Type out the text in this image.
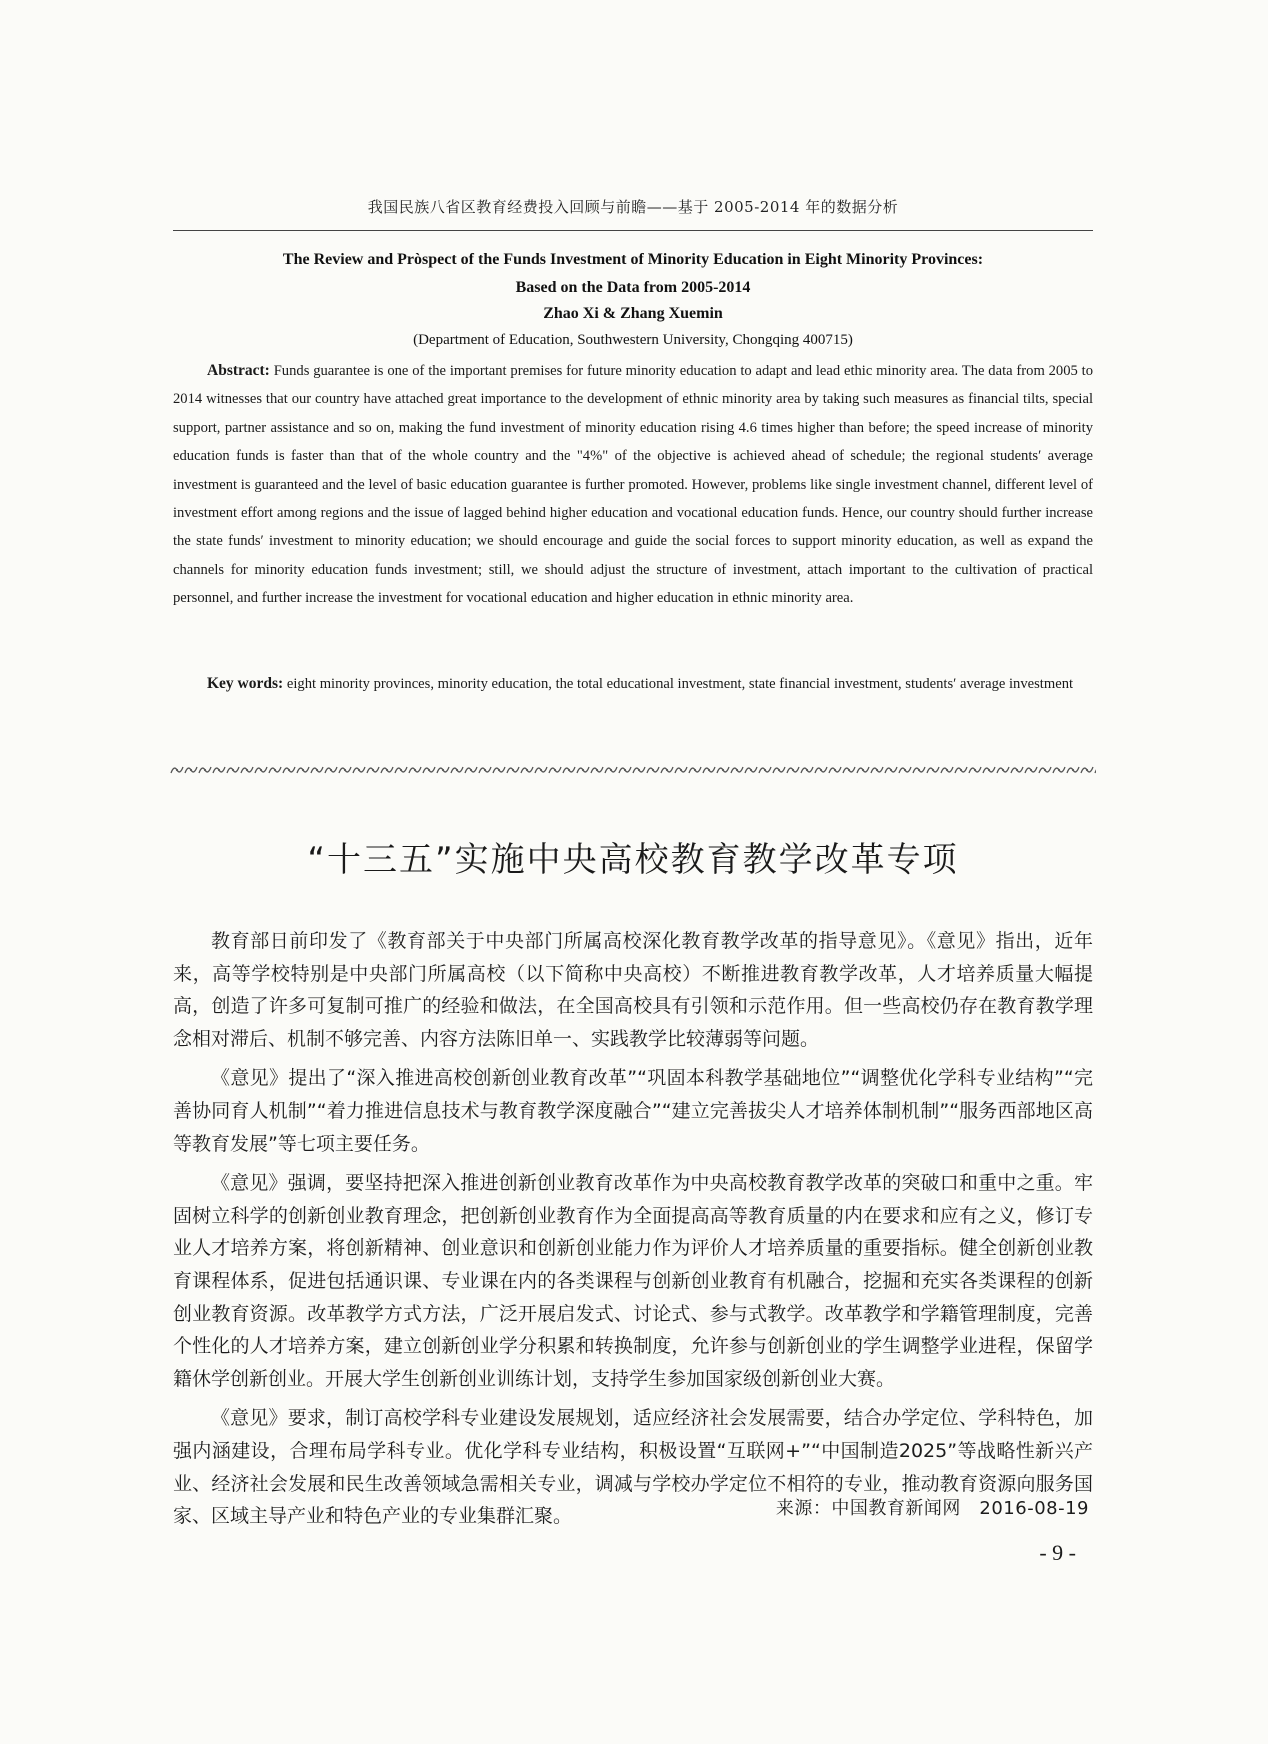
我国民族八省区教育经费投入回顾与前瞻——基于 2005-2014 年的数据分析
The Review and Pròspect of the Funds Investment of Minority Education in Eight Minority Provinces:
Based on the Data from 2005-2014
Zhao Xi & Zhang Xuemin
(Department of Education, Southwestern University, Chongqing 400715)

Abstract: Funds guarantee is one of the important premises for future minority education to adapt and lead ethic minority area. The data from 2005 to 2014 witnesses that our country have attached great importance to the development of ethnic minority area by taking such measures as financial tilts, special support, partner assistance and so on, making the fund investment of minority education rising 4.6 times higher than before; the speed increase of minority education funds is faster than that of the whole country and the "4%" of the objective is achieved ahead of schedule; the regional students′ average investment is guaranteed and the level of basic education guarantee is further promoted. However, problems like single investment channel, different level of investment effort among regions and the issue of lagged behind higher education and vocational education funds. Hence, our country should further increase the state funds′ investment to minority education; we should encourage and guide the social forces to support minority education, as well as expand the channels for minority education funds investment; still, we should adjust the structure of investment, attach important to the cultivation of practical personnel, and further increase the investment for vocational education and higher education in ethnic minority area.

Key words: eight minority provinces, minority education, the total educational investment, state financial investment, students′ average investment

“十三五”实施中央高校教育教学改革专项

教育部日前印发了《教育部关于中央部门所属高校深化教育教学改革的指导意见》。《意见》指出，近年来，高等学校特别是中央部门所属高校（以下简称中央高校）不断推进教育教学改革，人才培养质量大幅提高，创造了许多可复制可推广的经验和做法，在全国高校具有引领和示范作用。但一些高校仍存在教育教学理念相对滞后、机制不够完善、内容方法陈旧单一、实践教学比较薄弱等问题。

《意见》提出了“深入推进高校创新创业教育改革”“巩固本科教学基础地位”“调整优化学科专业结构”“完善协同育人机制”“着力推进信息技术与教育教学深度融合”“建立完善拔尖人才培养体制机制”“服务西部地区高等教育发展”等七项主要任务。

《意见》强调，要坚持把深入推进创新创业教育改革作为中央高校教育教学改革的突破口和重中之重。牢固树立科学的创新创业教育理念，把创新创业教育作为全面提高高等教育质量的内在要求和应有之义，修订专业人才培养方案，将创新精神、创业意识和创新创业能力作为评价人才培养质量的重要指标。健全创新创业教育课程体系，促进包括通识课、专业课在内的各类课程与创新创业教育有机融合，挖掘和充实各类课程的创新创业教育资源。改革教学方式方法，广泛开展启发式、讨论式、参与式教学。改革教学和学籍管理制度，完善个性化的人才培养方案，建立创新创业学分积累和转换制度，允许参与创新创业的学生调整学业进程，保留学籍休学创新创业。开展大学生创新创业训练计划，支持学生参加国家级创新创业大赛。

《意见》要求，制订高校学科专业建设发展规划，适应经济社会发展需要，结合办学定位、学科特色，加强内涵建设，合理布局学科专业。优化学科专业结构，积极设置“互联网+”“中国制造2025”等战略性新兴产业、经济社会发展和民生改善领域急需相关专业，调减与学校办学定位不相符的专业，推动教育资源向服务国家、区域主导产业和特色产业的专业集群汇聚。	来源：中国教育新闻网　2016-08-19
- 9 -
